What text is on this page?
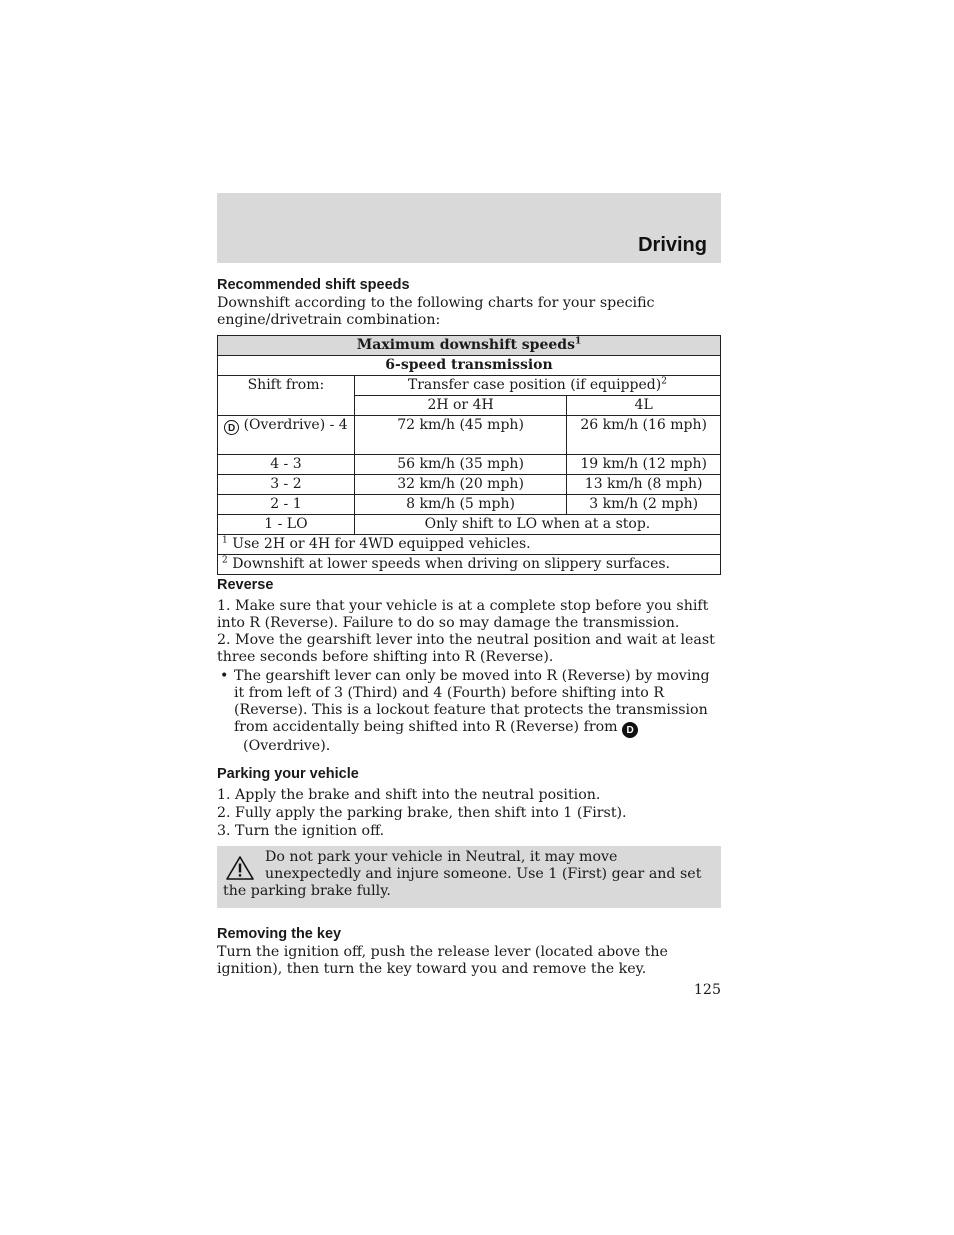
Driving
Recommended shift speeds

Downshift according to the following charts for your specific engine/drivetrain combination:

Maximum downshift speeds$^1$
6-speed transmission		
Shift from:	Transfer case position (if equipped)$^2$
	2H or 4H	4L
D (Overdrive) - 4	72 km/h (45 mph)	26 km/h (16 mph)
4 - 3	56 km/h (35 mph)	19 km/h (12 mph)
3 - 2	32 km/h (20 mph)	13 km/h (8 mph)
2 - 1	8 km/h (5 mph)	3 km/h (2 mph)
1 - LO	Only shift to LO when at a stop.	
$^1$ Use 2H or 4H for 4WD equipped vehicles.		
$^2$ Downshift at lower speeds when driving on slippery surfaces.		
Reverse

1. Make sure that your vehicle is at a complete stop before you shift into R (Reverse). Failure to do so may damage the transmission.

2. Move the gearshift lever into the neutral position and wait at least three seconds before shifting into R (Reverse).

• The gearshift lever can only be moved into R (Reverse) by moving it from left of 3 (Third) and 4 (Fourth) before shifting into R (Reverse). This is a lockout feature that protects the transmission from accidentally being shifted into R (Reverse) from D   (Overdrive).
Parking your vehicle
1. Apply the brake and shift into the neutral position.
2. Fully apply the parking brake, then shift into 1 (First).
3. Turn the ignition off.
Do not park your vehicle in Neutral, it may move unexpectedly and injure someone. Use 1 (First) gear and set the parking brake fully.
Removing the key

Turn the ignition off, push the release lever (located above the ignition), then turn the key toward you and remove the key.

125
